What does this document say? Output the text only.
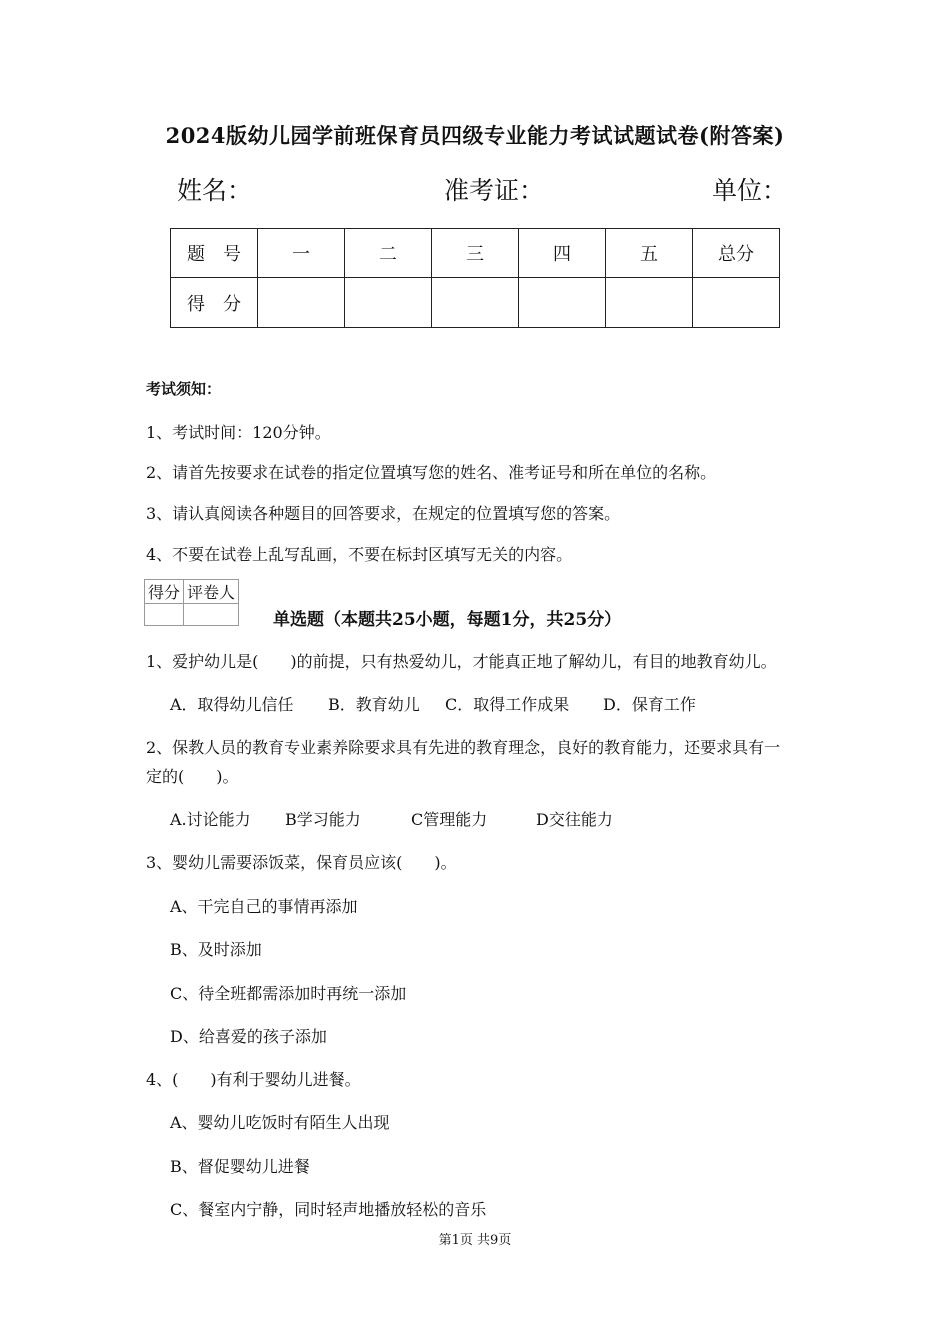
2024版幼儿园学前班保育员四级专业能力考试试题试卷(附答案)
姓名：	准考证：	单位：
题　号	一	二	三	四	五	总分
得　分						
考试须知：
1、考试时间：120分钟。
2、请首先按要求在试卷的指定位置填写您的姓名、准考证号和所在单位的名称。
3、请认真阅读各种题目的回答要求，在规定的位置填写您的答案。
4、不要在试卷上乱写乱画，不要在标封区填写无关的内容。
得分	评卷人

单选题（本题共25小题，每题1分，共25分）
1、爱护幼儿是(　　)的前提，只有热爱幼儿，才能真正地了解幼儿，有目的地教育幼儿。
A．取得幼儿信任 B．教育幼儿 C．取得工作成果 D．保育工作
2、保教人员的教育专业素养除要求具有先进的教育理念，良好的教育能力，还要求具有一
定的(　　)。
A.讨论能力 B学习能力	C管理能力	D交往能力
3、婴幼儿需要添饭菜，保育员应该(　　)。
A、干完自己的事情再添加
B、及时添加
C、待全班都需添加时再统一添加
D、给喜爱的孩子添加
4、(　　)有利于婴幼儿进餐。
A、婴幼儿吃饭时有陌生人出现
B、督促婴幼儿进餐
C、餐室内宁静，同时轻声地播放轻松的音乐
第1页 共9页
